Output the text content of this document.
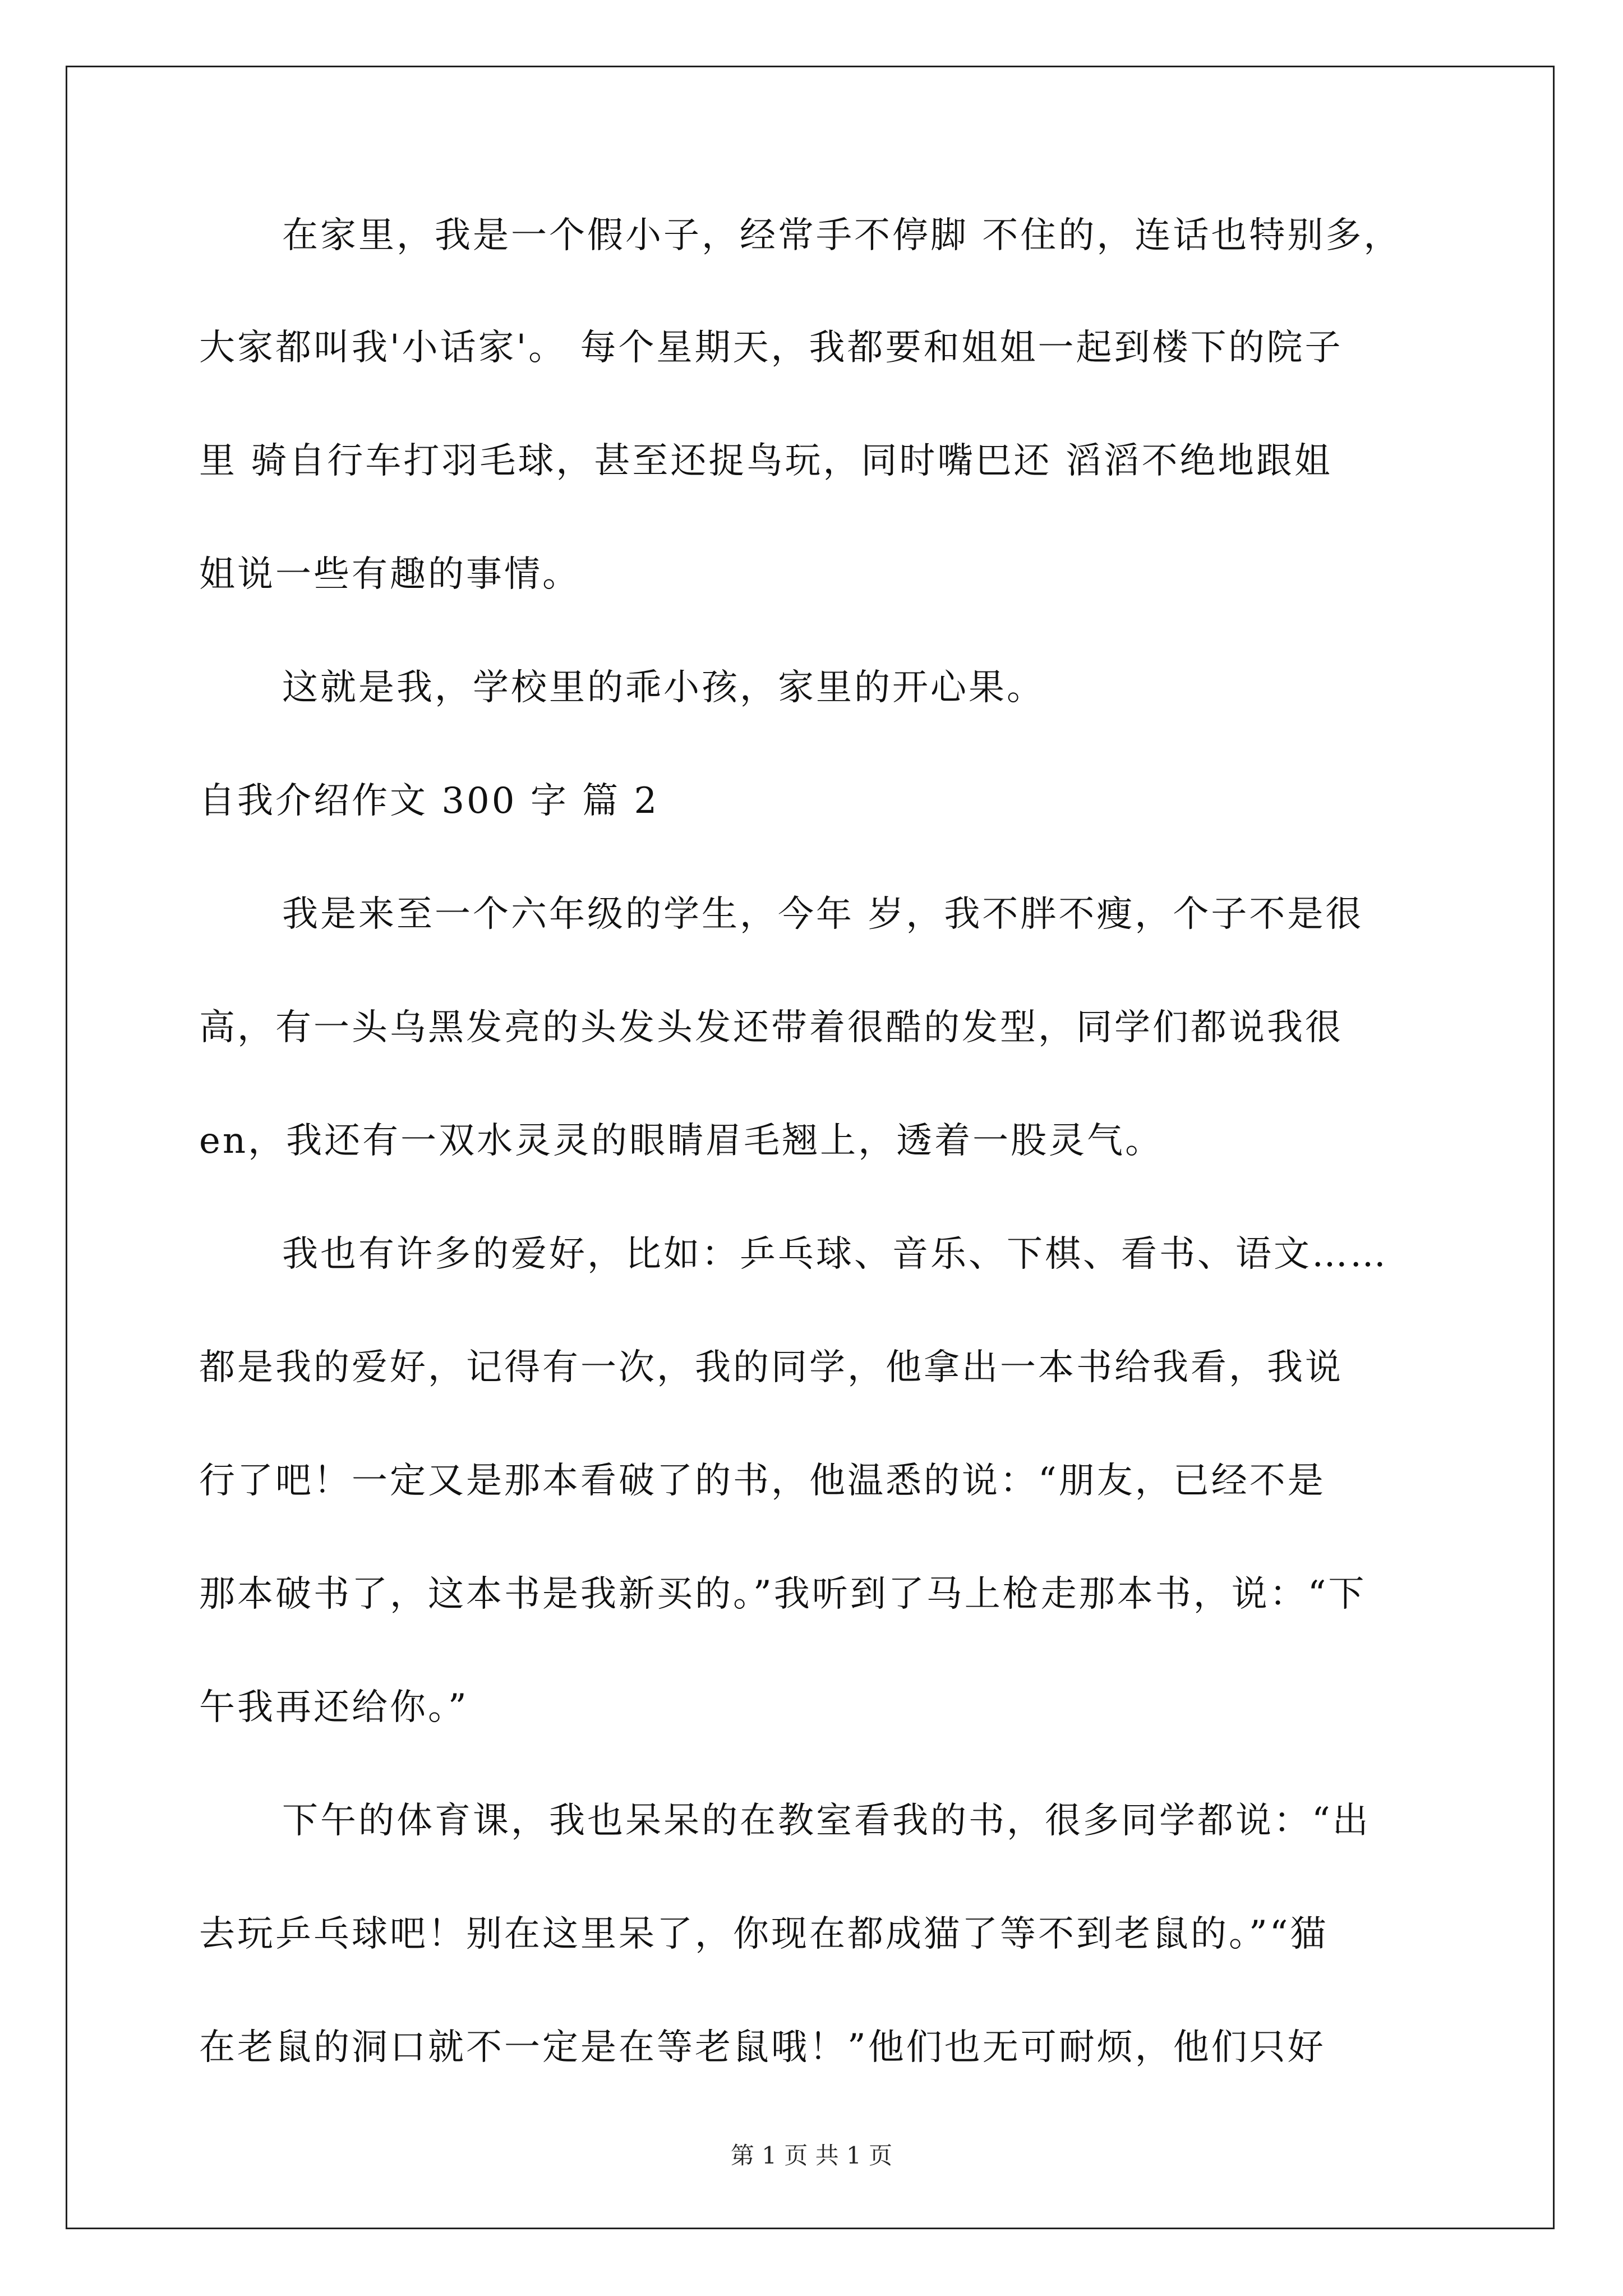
在家里，我是一个假小子，经常手不停脚 不住的，连话也特别多，
大家都叫我'小话家'。 每个星期天，我都要和姐姐一起到楼下的院子
里 骑自行车打羽毛球，甚至还捉鸟玩，同时嘴巴还 滔滔不绝地跟姐
姐说一些有趣的事情。
这就是我，学校里的乖小孩，家里的开心果。
自我介绍作文 300 字 篇 2
我是来至一个六年级的学生，今年 岁，我不胖不瘦，个子不是很
高，有一头乌黑发亮的头发头发还带着很酷的发型，同学们都说我很
en，我还有一双水灵灵的眼睛眉毛翘上，透着一股灵气。
我也有许多的爱好，比如：乒乓球、音乐、下棋、看书、语文……
都是我的爱好，记得有一次，我的同学，他拿出一本书给我看，我说
行了吧！一定又是那本看破了的书，他温悉的说：“朋友，已经不是
那本破书了，这本书是我新买的。”我听到了马上枪走那本书，说：“下
午我再还给你。”
下午的体育课，我也呆呆的在教室看我的书，很多同学都说：“出
去玩乒乓球吧！别在这里呆了，你现在都成猫了等不到老鼠的。”“猫
在老鼠的洞口就不一定是在等老鼠哦！”他们也无可耐烦，他们只好
第 1 页 共 1 页
